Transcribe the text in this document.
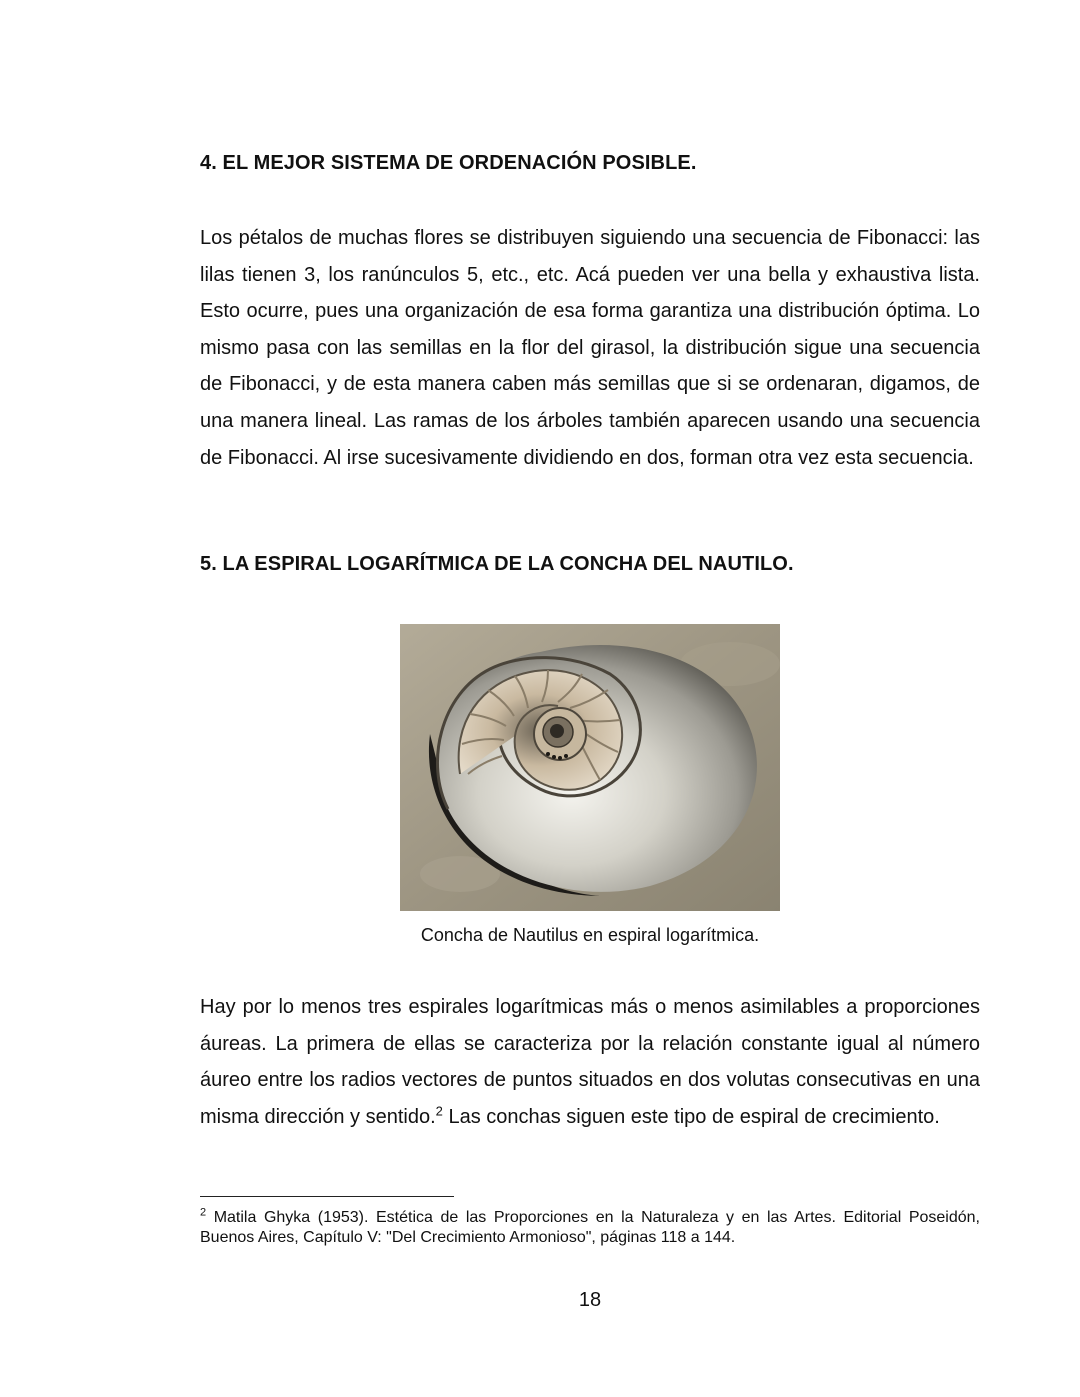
4. EL MEJOR SISTEMA DE ORDENACIÓN POSIBLE.

Los pétalos de muchas flores se distribuyen siguiendo una secuencia de Fibonacci: las lilas tienen 3, los ranúnculos 5, etc., etc. Acá pueden ver una bella y exhaustiva lista. Esto ocurre, pues una organización de esa forma garantiza una distribución óptima. Lo mismo pasa con las semillas en la flor del girasol, la distribución sigue una secuencia de Fibonacci, y de esta manera caben más semillas que si se ordenaran, digamos, de una manera lineal. Las ramas de los árboles también aparecen usando una secuencia de Fibonacci. Al irse sucesivamente dividiendo en dos, forman otra vez esta secuencia.

5. LA ESPIRAL LOGARÍTMICA DE LA CONCHA DEL NAUTILO.

Concha de Nautilus en espiral logarítmica.

Hay por lo menos tres espirales logarítmicas más o menos asimilables a proporciones áureas. La primera de ellas se caracteriza por la relación constante igual al número áureo entre los radios vectores de puntos situados en dos volutas consecutivas en una misma dirección y sentido.$^2$ Las conchas siguen este tipo de espiral de crecimiento.

$^2$ Matila Ghyka (1953). Estética de las Proporciones en la Naturaleza y en las Artes. Editorial Poseidón, Buenos Aires, Capítulo V: "Del Crecimiento Armonioso", páginas 118 a 144.

18
